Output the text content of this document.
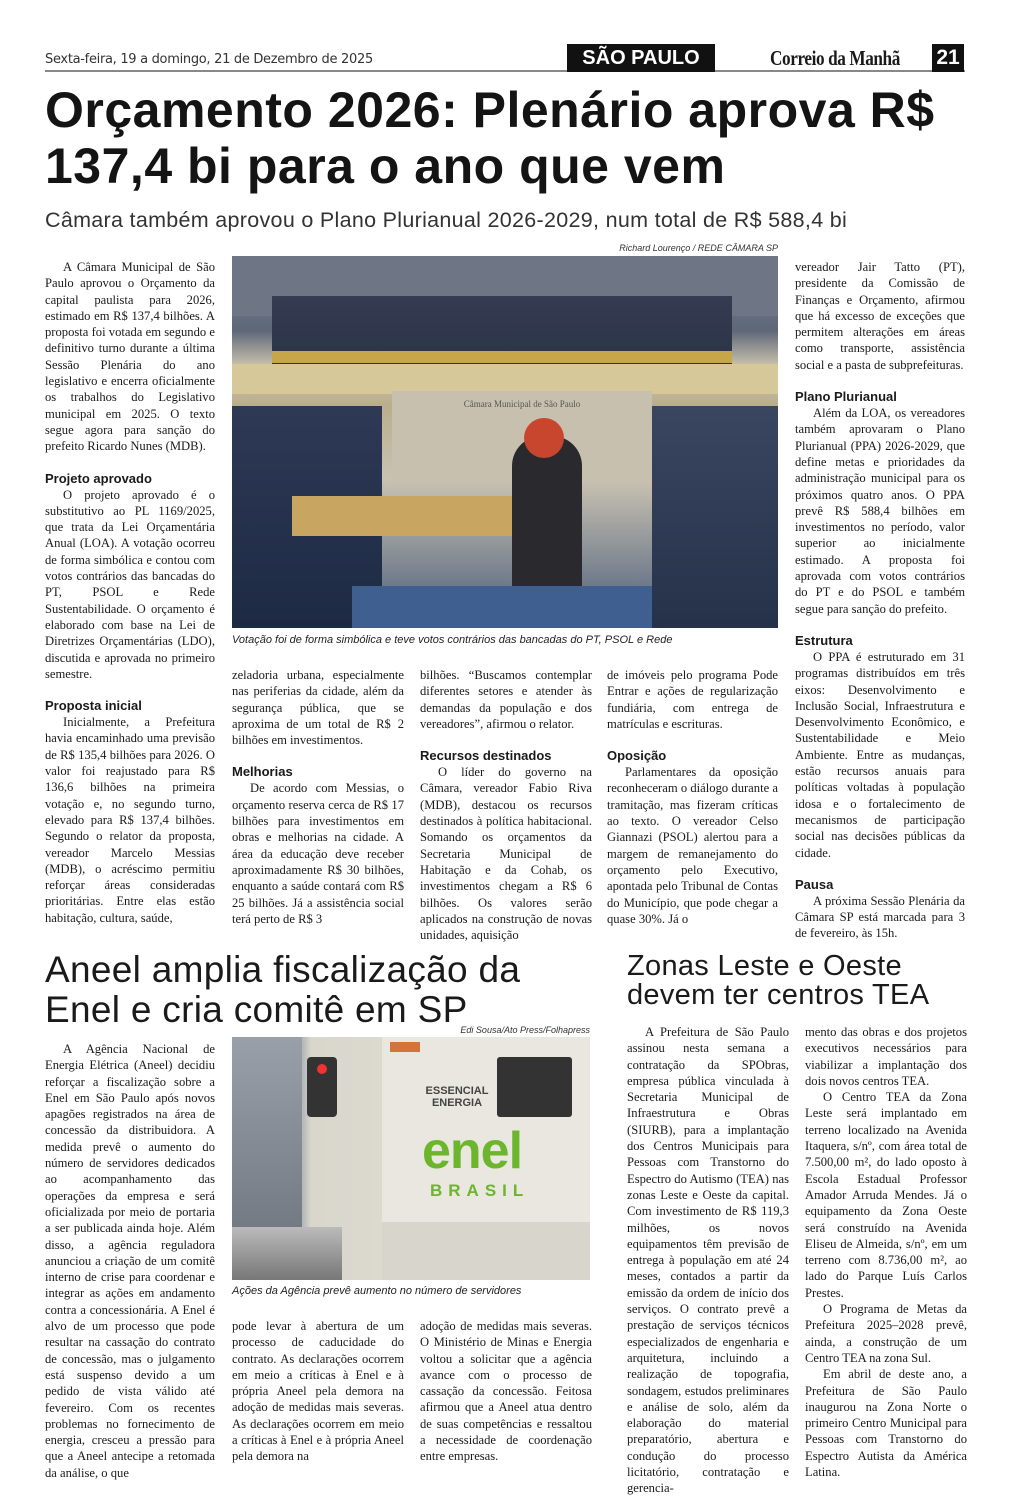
Sexta-feira, 19 a domingo, 21 de Dezembro de 2025	SÃO PAULO	Correio da Manhã 21
Orçamento 2026: Plenário aprova R$ 137,4 bi para o ano que vem
Câmara também aprovou o Plano Plurianual 2026-2029, num total de R$ 588,4 bi
Richard Lourenço / REDE CÂMARA SP
Câmara Municipal de São Paulo
Votação foi de forma simbólica e teve votos contrários das bancadas do PT, PSOL e Rede

A Câmara Municipal de São Paulo aprovou o Orçamento da capital paulista para 2026, estimado em R$ 137,4 bilhões. A proposta foi votada em segundo e definitivo turno durante a última Sessão Plenária do ano legislativo e encerra oficialmente os trabalhos do Legislativo municipal em 2025. O texto segue agora para sanção do prefeito Ricardo Nunes (MDB).

Projeto aprovado

O projeto aprovado é o substitutivo ao PL 1169/2025, que trata da Lei Orçamentária Anual (LOA). A votação ocorreu de forma simbólica e contou com votos contrários das bancadas do PT, PSOL e Rede Sustentabilidade. O orçamento é elaborado com base na Lei de Diretrizes Orçamentárias (LDO), discutida e aprovada no primeiro semestre.

Proposta inicial

Inicialmente, a Prefeitura havia encaminhado uma previsão de R$ 135,4 bilhões para 2026. O valor foi reajustado para R$ 136,6 bilhões na primeira votação e, no segundo turno, elevado para R$ 137,4 bilhões. Segundo o relator da proposta, vereador Marcelo Messias (MDB), o acréscimo permitiu reforçar áreas consideradas prioritárias. Entre elas estão habitação, cultura, saúde,

zeladoria urbana, especialmente nas periferias da cidade, além da segurança pública, que se aproxima de um total de R$ 2 bilhões em investimentos.

Melhorias

De acordo com Messias, o orçamento reserva cerca de R$ 17 bilhões para investimentos em obras e melhorias na cidade. A área da educação deve receber aproximadamente R$ 30 bilhões, enquanto a saúde contará com R$ 25 bilhões. Já a assistência social terá perto de R$ 3

bilhões. “Buscamos contemplar diferentes setores e atender às demandas da população e dos vereadores”, afirmou o relator.

Recursos destinados

O líder do governo na Câmara, vereador Fabio Riva (MDB), destacou os recursos destinados à política habitacional. Somando os orçamentos da Secretaria Municipal de Habitação e da Cohab, os investimentos chegam a R$ 6 bilhões. Os valores serão aplicados na construção de novas unidades, aquisição

de imóveis pelo programa Pode Entrar e ações de regularização fundiária, com entrega de matrículas e escrituras.

Oposição

Parlamentares da oposição reconheceram o diálogo durante a tramitação, mas fizeram críticas ao texto. O vereador Celso Giannazi (PSOL) alertou para a margem de remanejamento do orçamento pelo Executivo, apontada pelo Tribunal de Contas do Município, que pode chegar a quase 30%. Já o

vereador Jair Tatto (PT), presidente da Comissão de Finanças e Orçamento, afirmou que há excesso de exceções que permitem alterações em áreas como transporte, assistência social e a pasta de subprefeituras.

Plano Plurianual

Além da LOA, os vereadores também aprovaram o Plano Plurianual (PPA) 2026-2029, que define metas e prioridades da administração municipal para os próximos quatro anos. O PPA prevê R$ 588,4 bilhões em investimentos no período, valor superior ao inicialmente estimado. A proposta foi aprovada com votos contrários do PT e do PSOL e também segue para sanção do prefeito.

Estrutura

O PPA é estruturado em 31 programas distribuídos em três eixos: Desenvolvimento e Inclusão Social, Infraestrutura e Desenvolvimento Econômico, e Sustentabilidade e Meio Ambiente. Entre as mudanças, estão recursos anuais para políticas voltadas à população idosa e o fortalecimento de mecanismos de participação social nas decisões públicas da cidade.

Pausa

A próxima Sessão Plenária da Câmara SP está marcada para 3 de fevereiro, às 15h.

Aneel amplia fiscalização da Enel e cria comitê em SP
Edi Sousa/Ato Press/Folhapress
ESSENCIAL ENERGIA
enel
BRASIL
Ações da Agência prevê aumento no número de servidores

A Agência Nacional de Energia Elétrica (Aneel) decidiu reforçar a fiscalização sobre a Enel em São Paulo após novos apagões registrados na área de concessão da distribuidora. A medida prevê o aumento do número de servidores dedicados ao acompanhamento das operações da empresa e será oficializada por meio de portaria a ser publicada ainda hoje. Além disso, a agência reguladora anunciou a criação de um comitê interno de crise para coordenar e integrar as ações em andamento contra a concessionária. A Enel é alvo de um processo que pode resultar na cassação do contrato de concessão, mas o julgamento está suspenso devido a um pedido de vista válido até fevereiro. Com os recentes problemas no fornecimento de energia, cresceu a pressão para que a Aneel antecipe a retomada da análise, o que

pode levar à abertura de um processo de caducidade do contrato. As declarações ocorrem em meio a críticas à Enel e à própria Aneel pela demora na adoção de medidas mais severas. As declarações ocorrem em meio a críticas à Enel e à própria Aneel pela demora na

adoção de medidas mais severas. O Ministério de Minas e Energia voltou a solicitar que a agência avance com o processo de cassação da concessão. Feitosa afirmou que a Aneel atua dentro de suas competências e ressaltou a necessidade de coordenação entre empresas.

Zonas Leste e Oeste devem ter centros TEA

A Prefeitura de São Paulo assinou nesta semana a contratação da SPObras, empresa pública vinculada à Secretaria Municipal de Infraestrutura e Obras (SIURB), para a implantação dos Centros Municipais para Pessoas com Transtorno do Espectro do Autismo (TEA) nas zonas Leste e Oeste da capital. Com investimento de R$ 119,3 milhões, os novos equipamentos têm previsão de entrega à população em até 24 meses, contados a partir da emissão da ordem de início dos serviços. O contrato prevê a prestação de serviços técnicos especializados de engenharia e arquitetura, incluindo a realização de topografia, sondagem, estudos preliminares e análise de solo, além da elaboração do material preparatório, abertura e condução do processo licitatório, contratação e gerencia-

mento das obras e dos projetos executivos necessários para viabilizar a implantação dos dois novos centros TEA.

O Centro TEA da Zona Leste será implantado em terreno localizado na Avenida Itaquera, s/nº, com área total de 7.500,00 m², do lado oposto à Escola Estadual Professor Amador Arruda Mendes. Já o equipamento da Zona Oeste será construído na Avenida Eliseu de Almeida, s/nº, em um terreno com 8.736,00 m², ao lado do Parque Luís Carlos Prestes.

O Programa de Metas da Prefeitura 2025–2028 prevê, ainda, a construção de um Centro TEA na zona Sul.

Em abril de deste ano, a Prefeitura de São Paulo inaugurou na Zona Norte o primeiro Centro Municipal para Pessoas com Transtorno do Espectro Autista da América Latina.
